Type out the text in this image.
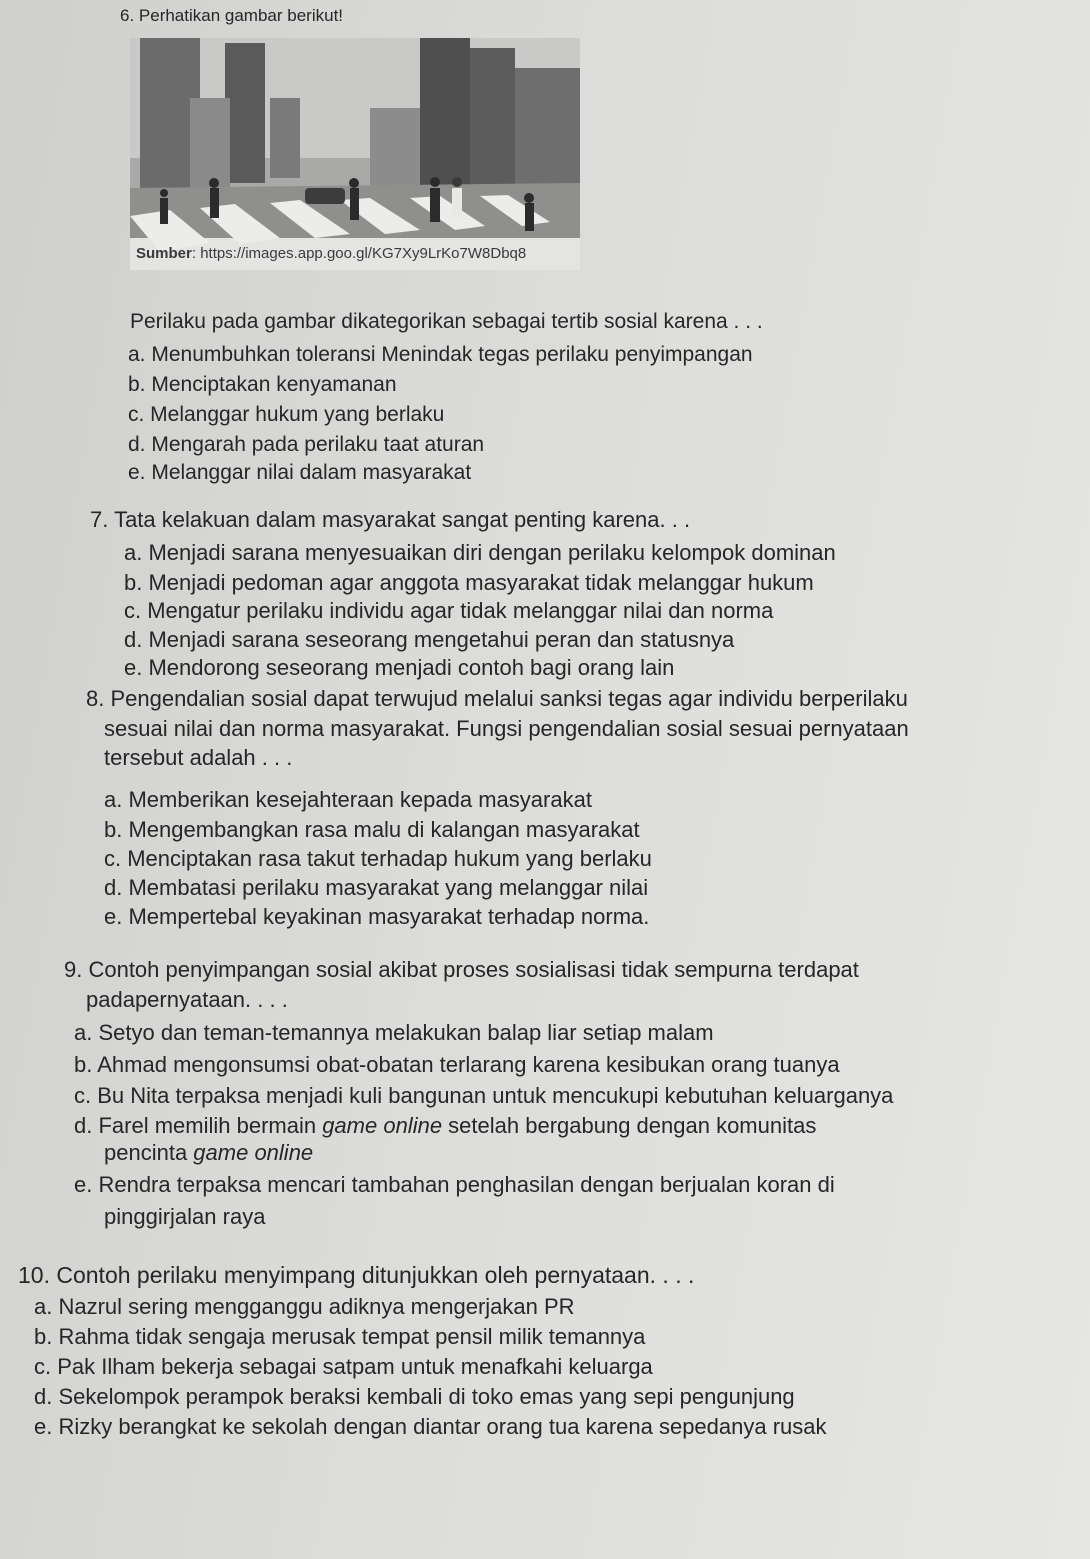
6. Perhatikan gambar berikut!
Sumber: https://images.app.goo.gl/KG7Xy9LrKo7W8Dbq8
Perilaku pada gambar dikategorikan sebagai tertib sosial karena . . .
a. Menumbuhkan toleransi Menindak tegas perilaku penyimpangan
b. Menciptakan kenyamanan
c. Melanggar hukum yang berlaku
d. Mengarah pada perilaku taat aturan
e. Melanggar nilai dalam masyarakat
7. Tata kelakuan dalam masyarakat sangat penting karena. . .
a. Menjadi sarana menyesuaikan diri dengan perilaku kelompok dominan
b. Menjadi pedoman agar anggota masyarakat tidak melanggar hukum
c. Mengatur perilaku individu agar tidak melanggar nilai dan norma
d. Menjadi sarana seseorang mengetahui peran dan statusnya
e. Mendorong seseorang menjadi contoh bagi orang lain
8. Pengendalian sosial dapat terwujud melalui sanksi tegas agar individu berperilaku
sesuai nilai dan norma masyarakat. Fungsi pengendalian sosial sesuai pernyataan
tersebut adalah . . .
a. Memberikan kesejahteraan kepada masyarakat
b. Mengembangkan rasa malu di kalangan masyarakat
c. Menciptakan rasa takut terhadap hukum yang berlaku
d. Membatasi perilaku masyarakat yang melanggar nilai
e. Mempertebal keyakinan masyarakat terhadap norma.
9. Contoh penyimpangan sosial akibat proses sosialisasi tidak sempurna terdapat
padapernyataan. . . .
a. Setyo dan teman-temannya melakukan balap liar setiap malam
b. Ahmad mengonsumsi obat-obatan terlarang karena kesibukan orang tuanya
c. Bu Nita terpaksa menjadi kuli bangunan untuk mencukupi kebutuhan keluarganya
d. Farel memilih bermain game online setelah bergabung dengan komunitas
pencinta game online
e. Rendra terpaksa mencari tambahan penghasilan dengan berjualan koran di
pinggirjalan raya
10. Contoh perilaku menyimpang ditunjukkan oleh pernyataan. . . .
a. Nazrul sering mengganggu adiknya mengerjakan PR
b. Rahma tidak sengaja merusak tempat pensil milik temannya
c. Pak Ilham bekerja sebagai satpam untuk menafkahi keluarga
d. Sekelompok perampok beraksi kembali di toko emas yang sepi pengunjung
e. Rizky berangkat ke sekolah dengan diantar orang tua karena sepedanya rusak
